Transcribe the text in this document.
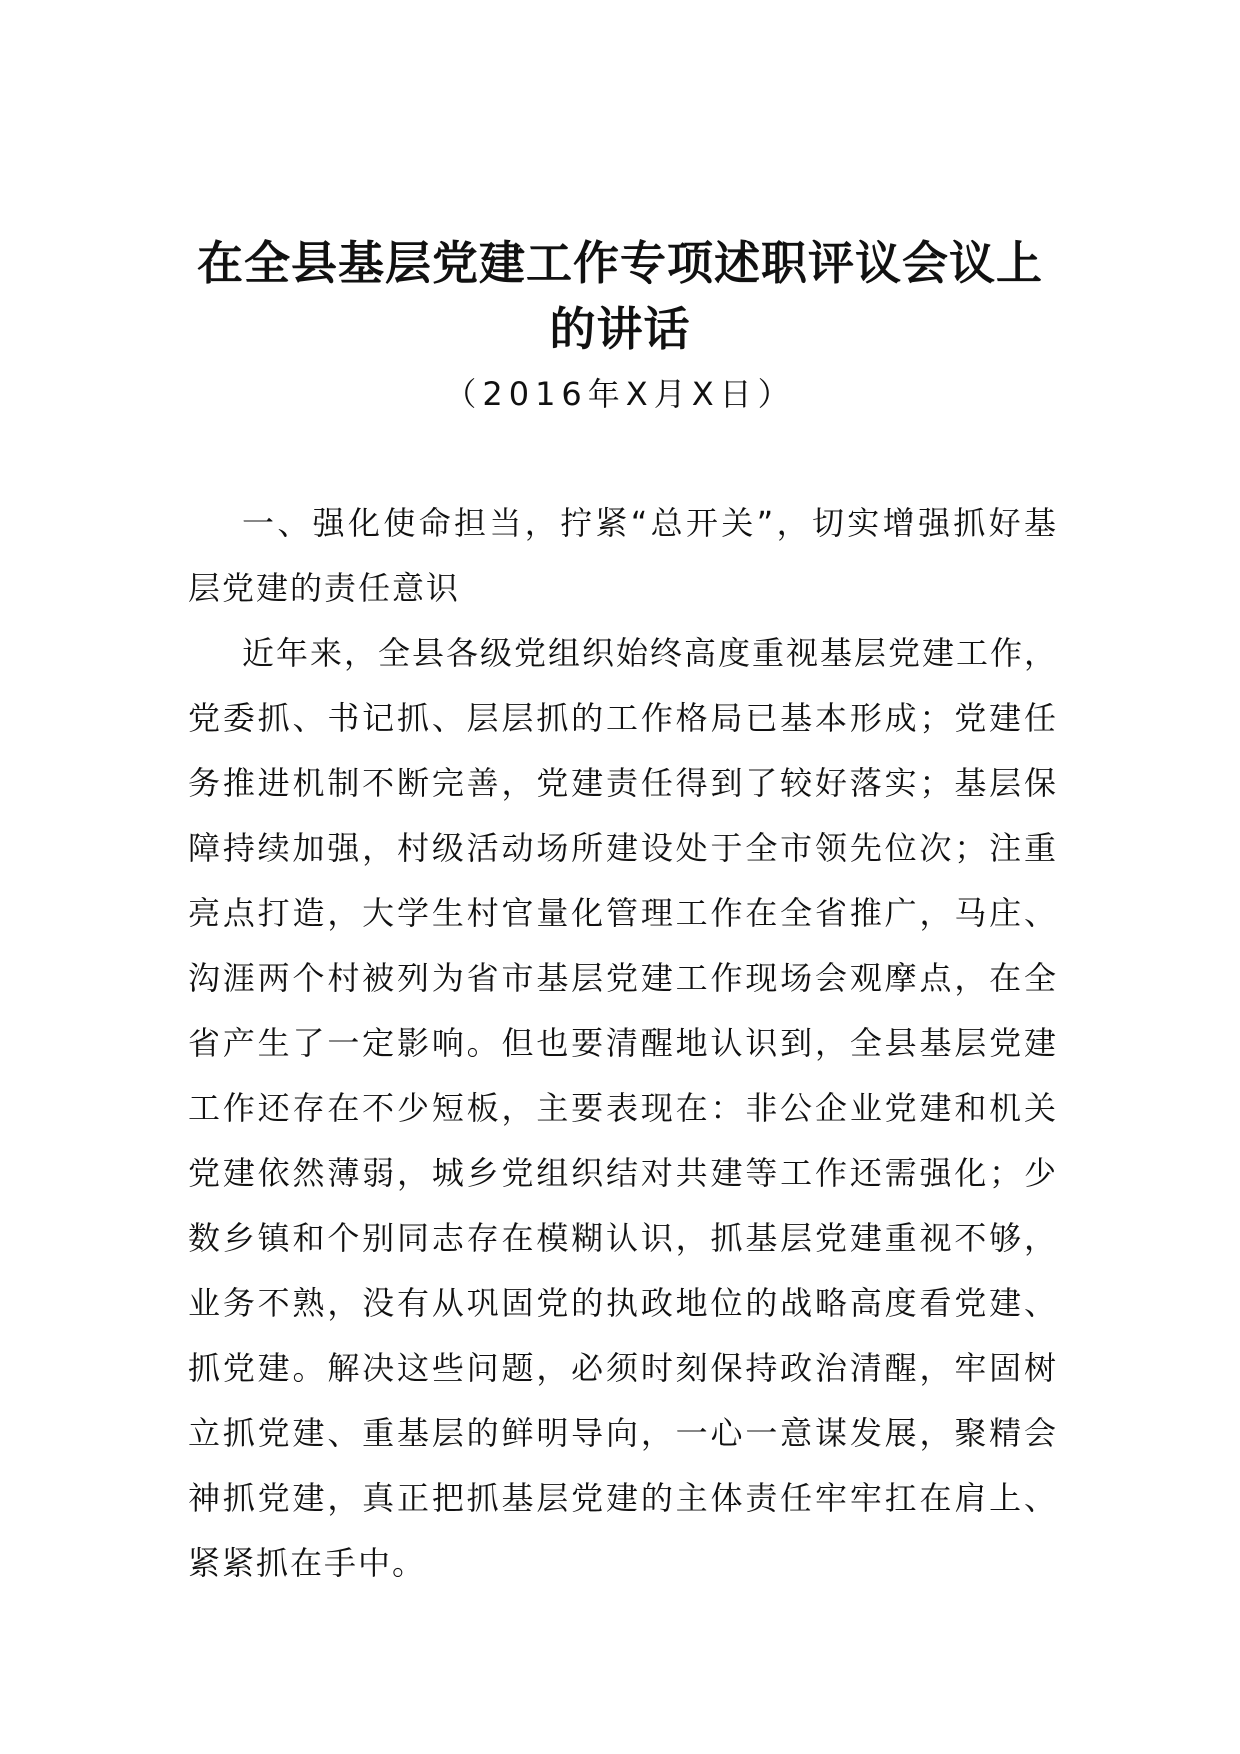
在全县基层党建工作专项述职评议会议上
的讲话

（2016年X月X日）

一、强化使命担当，拧紧“总开关”，切实增强抓好基层党建的责任意识

近年来，全县各级党组织始终高度重视基层党建工作，党委抓、书记抓、层层抓的工作格局已基本形成；党建任务推进机制不断完善，党建责任得到了较好落实；基层保障持续加强，村级活动场所建设处于全市领先位次；注重亮点打造，大学生村官量化管理工作在全省推广，马庄、沟涯两个村被列为省市基层党建工作现场会观摩点，在全省产生了一定影响。但也要清醒地认识到，全县基层党建工作还存在不少短板，主要表现在：非公企业党建和机关党建依然薄弱，城乡党组织结对共建等工作还需强化；少数乡镇和个别同志存在模糊认识，抓基层党建重视不够，业务不熟，没有从巩固党的执政地位的战略高度看党建、抓党建。解决这些问题，必须时刻保持政治清醒，牢固树立抓党建、重基层的鲜明导向，一心一意谋发展，聚精会神抓党建，真正把抓基层党建的主体责任牢牢扛在肩上、紧紧抓在手中。
